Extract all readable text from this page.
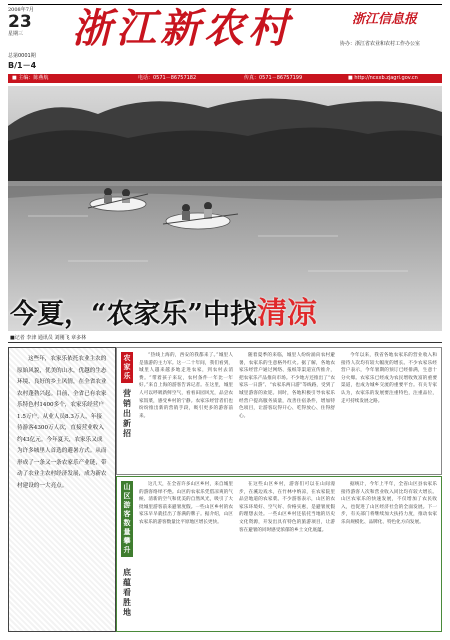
2008年7月
23
星期三	浙江新农村	浙江信息报
协办：浙江省农业和农村工作办公室
总第0001期
B/1－4
■ 主编：陈燕航	电话：0571－86757182	传真：0571－86757199	■ http://ncxxb.zjagri.gov.cn
今夏，“农家乐”中找清凉
■记者 李津 通讯员 刘刚飞 章多林
这些年，农家乐依托农业主农的原始风貌，优美的山水，优越的生态环境、良好的乡土风情，在全省农业农村蓬勃兴起。目前，全省已有农家乐特色村1400多个，农家乐经营户1.5万户，从业人员8.3万人，年接待游客4300万人次，直接营业收入约43亿元。今年夏天，农家乐又成为许多城里人首选的避暑方式。从而形成了一条又一条农家乐产业链，带动了农业主农村经济发展，成为新农村建设的一大亮点。
农家乐
营销出新招
“热线上海的，西安的我都来了。”城里人是旅游的主力军。这一二十年间，我们看到，城里人越来越多地走进农家，到农村去消费。“带着孩子来玩，农村条件一年比一年好。”来自上海的游客告诉记者。在这里，城里人可以呼吸新鲜空气，看看田园风光，品尝农家饭菜，感受乡村的宁静。农家乐经营者们也纷纷推出新的营销手段，吸引更多的游客前来。
随着夏季的来临，城里人纷纷涌向农村避暑，农家乐的生意格外红火。据了解，各地农家乐经营户通过网络、报纸等渠道宣传推介，把农家乐产品推向市场。不少地方还推出了“农家乐一日游”、“农家乐两日游”等线路，受到了城里游客的欢迎。同时，各地积极引导农家乐经营户提高服务质量，改善住宿条件，增加特色项目，让游客玩得开心、吃得放心、住得舒心。
今年以来，我省各地农家乐的营业收入和接待人次均有较大幅度的增长。不少农家乐经营户表示，今年暑期的预订已经排满，生意十分火爆。农家乐已经成为农民增收致富的重要渠道，也成为城乡交流的重要平台。有关专家认为，农家乐的发展要注重特色，注重品位，走可持续发展之路。
山区游客数量攀升
底蕴看胜地
这几天，在全省许多山区乡村，来自城里的游客络绎不绝。山区的农家乐凭借凉爽的气候、清新的空气和优美的自然风光，吸引了大批城里游客前来避暑度假。一些山区乡村的农家乐早早就挂出了客满的牌子。据介绍，山区农家乐的游客数量比平原地区增长更快。
在这些山区乡村，游客们可以在山间漫步，在溪边戏水，在竹林中纳凉，在农家院里品尝地道的农家菜。不少游客表示，山区的农家乐环境好、空气好、价格实惠，是避暑度假的理想去处。一些山区乡村还依托当地的历史文化资源，开发出具有特色的旅游项目，让游客在避暑的同时感受浓郁的乡土文化底蕴。
据统计，今年上半年，全省山区县农家乐接待游客人次和营业收入同比均有较大增长。山区农家乐的快速发展，不仅增加了农民收入，也促进了山区经济社会的全面发展。下一步，有关部门将继续加大扶持力度，推动农家乐向规模化、品牌化、特色化方向发展。
